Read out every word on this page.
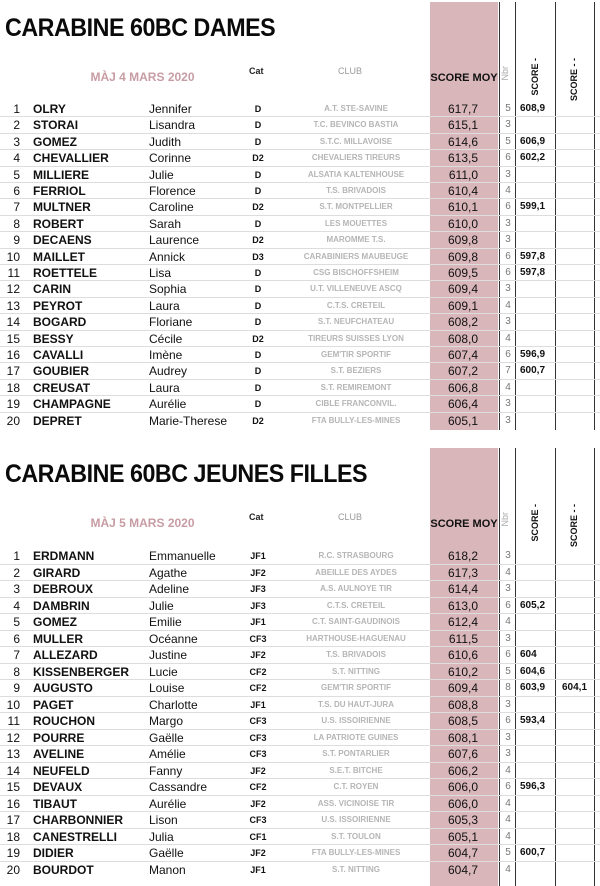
CARABINE 60BC DAMES
MÀJ 4 MARS 2020	Cat	CLUB
SCORE MOY Nbr	SCORE -	SCORE - -
1 OLRY	Jennifer	D	A.T. STE-SAVINE	617,7	5 608,9
2 STORAI	Lisandra	D	T.C. BEVINCO BASTIA	615,1	3
3 GOMEZ	Judith	D	S.T.C. MILLAVOISE	614,6	5 606,9
4 CHEVALLIER	Corinne	D2	CHEVALIERS TIREURS	613,5	6 602,2
5 MILLIERE	Julie	D	ALSATIA KALTENHOUSE	611,0	3
6 FERRIOL	Florence	D	T.S. BRIVADOIS	610,4	4
7 MULTNER	Caroline	D2	S.T. MONTPELLIER	610,1	6 599,1
8 ROBERT	Sarah	D	LES MOUETTES	610,0	3
9 DECAENS	Laurence	D2	MAROMME T.S.	609,8	3
10 MAILLET	Annick	D3	CARABINIERS MAUBEUGE	609,8	6 597,8
11 ROETTELE	Lisa	D	CSG BISCHOFFSHEIM	609,5	6 597,8
12 CARIN	Sophia	D	U.T. VILLENEUVE ASCQ	609,4	3
13 PEYROT	Laura	D	C.T.S. CRETEIL	609,1	4
14 BOGARD	Floriane	D	S.T. NEUFCHATEAU	608,2	3
15 BESSY	Cécile	D2	TIREURS SUISSES LYON	608,0	4
16 CAVALLI	Imène	D	GEM'TIR SPORTIF	607,4	6 596,9
17 GOUBIER	Audrey	D	S.T. BEZIERS	607,2	7 600,7
18 CREUSAT	Laura	D	S.T. REMIREMONT	606,8	4
19 CHAMPAGNE	Aurélie	D	CIBLE FRANCONVIL.	606,4	3
20 DEPRET	Marie-Therese	D2	FTA BULLY-LES-MINES	605,1	3
CARABINE 60BC JEUNES FILLES
MÀJ 5 MARS 2020	Cat	CLUB
SCORE MOY Nbr	SCORE -	SCORE - -
1 ERDMANN	Emmanuelle	JF1	R.C. STRASBOURG	618,2	3
2 GIRARD	Agathe	JF2	ABEILLE DES AYDES	617,3	4
3 DEBROUX	Adeline	JF3	A.S. AULNOYE TIR	614,4	3
4 DAMBRIN	Julie	JF3	C.T.S. CRETEIL	613,0	6 605,2
5 GOMEZ	Emilie	JF1	C.T. SAINT-GAUDINOIS	612,4	4
6 MULLER	Océanne	CF3	HARTHOUSE-HAGUENAU	611,5	3
7 ALLEZARD	Justine	JF2	T.S. BRIVADOIS	610,6	6 604
8 KISSENBERGER Lucie	CF2	S.T. NITTING	610,2	5 604,6
9 AUGUSTO	Louise	CF2	GEM'TIR SPORTIF	609,4	8 603,9 604,1
10 PAGET	Charlotte	JF1	T.S. DU HAUT-JURA	608,8	3
11 ROUCHON	Margo	CF3	U.S. ISSOIRIENNE	608,5	6 593,4
12 POURRE	Gaëlle	CF3	LA PATRIOTE GUINES	608,1	3
13 AVELINE	Amélie	CF3	S.T. PONTARLIER	607,6	3
14 NEUFELD	Fanny	JF2	S.E.T. BITCHE	606,2	4
15 DEVAUX	Cassandre	CF2	C.T. ROYEN	606,0	6 596,3
16 TIBAUT	Aurélie	JF2	ASS. VICINOISE TIR	606,0	4
17 CHARBONNIER Lison	CF3	U.S. ISSOIRIENNE	605,3	4
18 CANESTRELLI	Julia	CF1	S.T. TOULON	605,1	4
19 DIDIER	Gaëlle	JF2	FTA BULLY-LES-MINES	604,7	5 600,7
20 BOURDOT	Manon	JF1	S.T. NITTING	604,7	4
